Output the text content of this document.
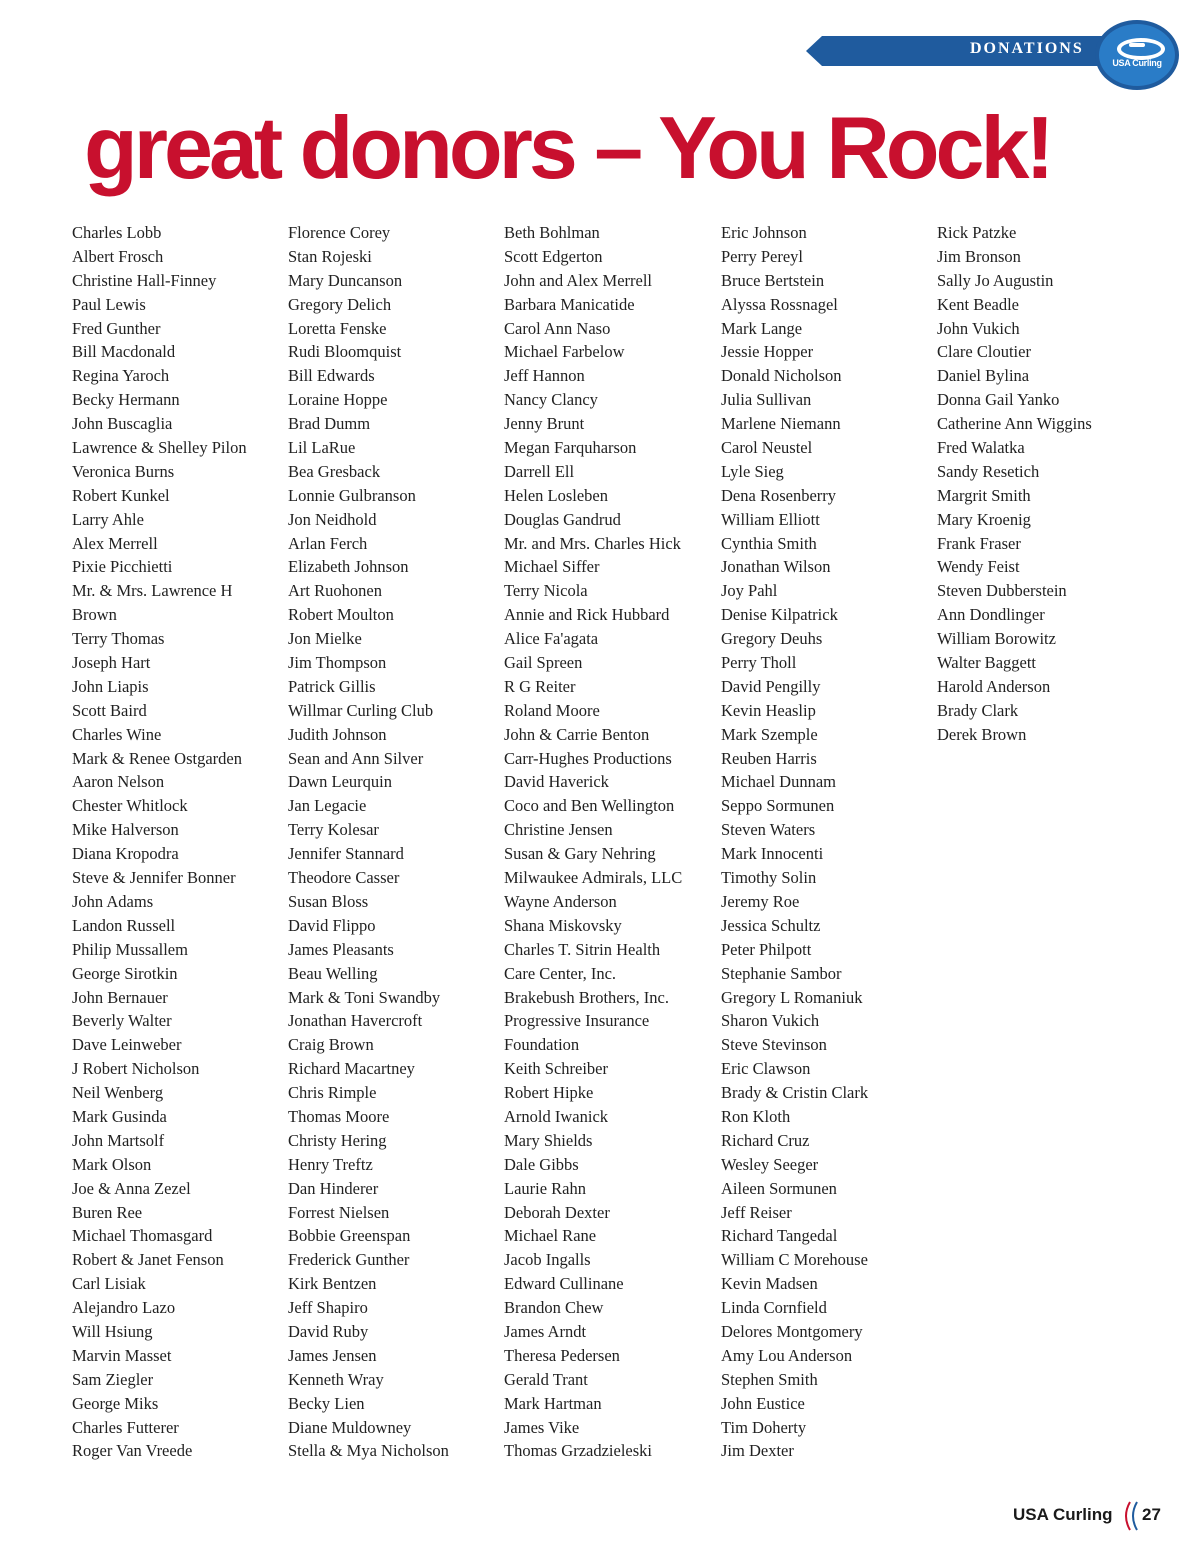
DONATIONS
USA Curling
great donors – You Rock!
Charles Lobb
Albert Frosch
Christine Hall-Finney
Paul Lewis
Fred Gunther
Bill Macdonald
Regina Yaroch
Becky Hermann
John Buscaglia
Lawrence & Shelley Pilon
Veronica Burns
Robert Kunkel
Larry Ahle
Alex Merrell
Pixie Picchietti
Mr. & Mrs. Lawrence H
Brown
Terry Thomas
Joseph Hart
John Liapis
Scott Baird
Charles Wine
Mark & Renee Ostgarden
Aaron Nelson
Chester Whitlock
Mike Halverson
Diana Kropodra
Steve & Jennifer Bonner
John Adams
Landon Russell
Philip Mussallem
George Sirotkin
John Bernauer
Beverly Walter
Dave Leinweber
J Robert Nicholson
Neil Wenberg
Mark Gusinda
John Martsolf
Mark Olson
Joe & Anna Zezel
Buren Ree
Michael Thomasgard
Robert & Janet Fenson
Carl Lisiak
Alejandro Lazo
Will Hsiung
Marvin Masset
Sam Ziegler
George Miks
Charles Futterer
Roger Van Vreede
Florence Corey
Stan Rojeski
Mary Duncanson
Gregory Delich
Loretta Fenske
Rudi Bloomquist
Bill Edwards
Loraine Hoppe
Brad Dumm
Lil LaRue
Bea Gresback
Lonnie Gulbranson
Jon Neidhold
Arlan Ferch
Elizabeth Johnson
Art Ruohonen
Robert Moulton
Jon Mielke
Jim Thompson
Patrick Gillis
Willmar Curling Club
Judith Johnson
Sean and Ann Silver
Dawn Leurquin
Jan Legacie
Terry Kolesar
Jennifer Stannard
Theodore Casser
Susan Bloss
David Flippo
James Pleasants
Beau Welling
Mark & Toni Swandby
Jonathan Havercroft
Craig Brown
Richard Macartney
Chris Rimple
Thomas Moore
Christy Hering
Henry Treftz
Dan Hinderer
Forrest Nielsen
Bobbie Greenspan
Frederick Gunther
Kirk Bentzen
Jeff Shapiro
David Ruby
James Jensen
Kenneth Wray
Becky Lien
Diane Muldowney
Stella & Mya Nicholson
Beth Bohlman
Scott Edgerton
John and Alex Merrell
Barbara Manicatide
Carol Ann Naso
Michael Farbelow
Jeff Hannon
Nancy Clancy
Jenny Brunt
Megan Farquharson
Darrell Ell
Helen Losleben
Douglas Gandrud
Mr. and Mrs. Charles Hick
Michael Siffer
Terry Nicola
Annie and Rick Hubbard
Alice Fa'agata
Gail Spreen
R G Reiter
Roland Moore
John & Carrie Benton
Carr-Hughes Productions
David Haverick
Coco and Ben Wellington
Christine Jensen
Susan & Gary Nehring
Milwaukee Admirals, LLC
Wayne Anderson
Shana Miskovsky
Charles T. Sitrin Health
Care Center, Inc.
Brakebush Brothers, Inc.
Progressive Insurance
Foundation
Keith Schreiber
Robert Hipke
Arnold Iwanick
Mary Shields
Dale Gibbs
Laurie Rahn
Deborah Dexter
Michael Rane
Jacob Ingalls
Edward Cullinane
Brandon Chew
James Arndt
Theresa Pedersen
Gerald Trant
Mark Hartman
James Vike
Thomas Grzadzieleski
Eric Johnson
Perry Pereyl
Bruce Bertstein
Alyssa Rossnagel
Mark Lange
Jessie Hopper
Donald Nicholson
Julia Sullivan
Marlene Niemann
Carol Neustel
Lyle Sieg
Dena Rosenberry
William Elliott
Cynthia Smith
Jonathan Wilson
Joy Pahl
Denise Kilpatrick
Gregory Deuhs
Perry Tholl
David Pengilly
Kevin Heaslip
Mark Szemple
Reuben Harris
Michael Dunnam
Seppo Sormunen
Steven Waters
Mark Innocenti
Timothy Solin
Jeremy Roe
Jessica Schultz
Peter Philpott
Stephanie Sambor
Gregory L Romaniuk
Sharon Vukich
Steve Stevinson
Eric Clawson
Brady & Cristin Clark
Ron Kloth
Richard Cruz
Wesley Seeger
Aileen Sormunen
Jeff Reiser
Richard Tangedal
William C Morehouse
Kevin Madsen
Linda Cornfield
Delores Montgomery
Amy Lou Anderson
Stephen Smith
John Eustice
Tim Doherty
Jim Dexter
Rick Patzke
Jim Bronson
Sally Jo Augustin
Kent Beadle
John Vukich
Clare Cloutier
Daniel Bylina
Donna Gail Yanko
Catherine Ann Wiggins
Fred Walatka
Sandy Resetich
Margrit Smith
Mary Kroenig
Frank Fraser
Wendy Feist
Steven Dubberstein
Ann Dondlinger
William Borowitz
Walter Baggett
Harold Anderson
Brady Clark
Derek Brown
USA Curling 27
